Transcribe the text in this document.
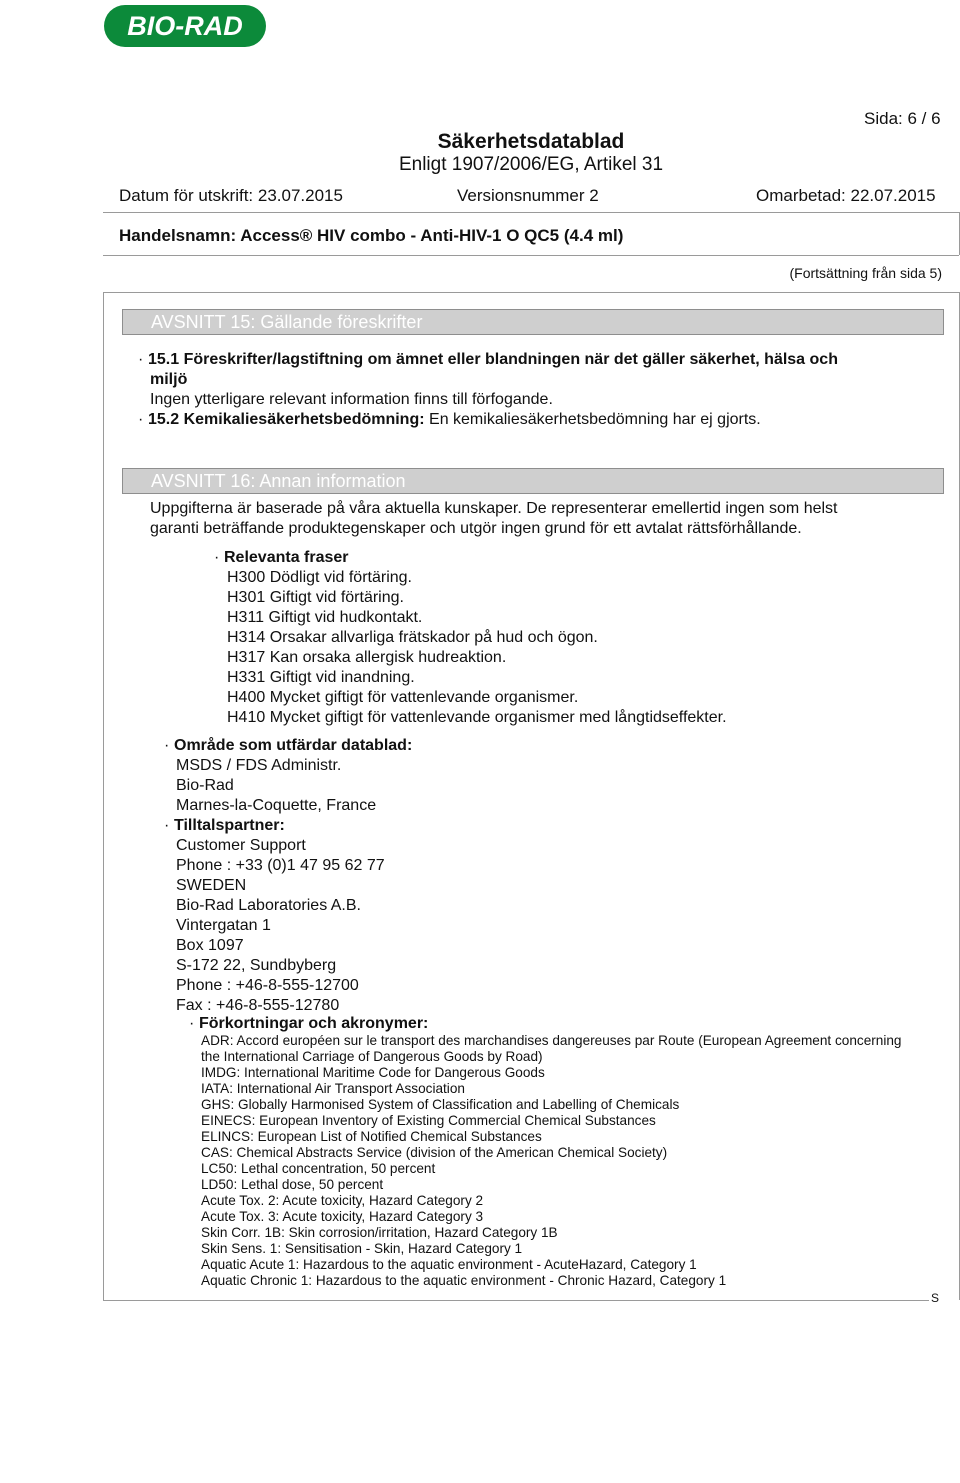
BIO-RAD
Sida: 6 / 6
Säkerhetsdatablad
Enligt 1907/2006/EG, Artikel 31
Datum för utskrift: 23.07.2015	Versionsnummer 2	Omarbetad: 22.07.2015
Handelsnamn: Access® HIV combo - Anti-HIV-1 O QC5 (4.4 ml)
(Fortsättning från sida 5)
AVSNITT 15: Gällande föreskrifter
· 15.1 Föreskrifter/lagstiftning om ämnet eller blandningen när det gäller säkerhet, hälsa och
miljö
Ingen ytterligare relevant information finns till förfogande.
· 15.2 Kemikaliesäkerhetsbedömning: En kemikaliesäkerhetsbedömning har ej gjorts.
AVSNITT 16: Annan information
Uppgifterna är baserade på våra aktuella kunskaper. De representerar emellertid ingen som helst
garanti beträffande produktegenskaper och utgör ingen grund för ett avtalat rättsförhållande.
· Relevanta fraser
H300 Dödligt vid förtäring.
H301 Giftigt vid förtäring.
H311 Giftigt vid hudkontakt.
H314 Orsakar allvarliga frätskador på hud och ögon.
H317 Kan orsaka allergisk hudreaktion.
H331 Giftigt vid inandning.
H400 Mycket giftigt för vattenlevande organismer.
H410 Mycket giftigt för vattenlevande organismer med långtidseffekter.
· Område som utfärdar datablad:
MSDS / FDS Administr.
Bio-Rad
Marnes-la-Coquette, France
· Tilltalspartner:
Customer Support
Phone : +33 (0)1 47 95 62 77
SWEDEN
Bio-Rad Laboratories A.B.
Vintergatan 1
Box 1097
S-172 22, Sundbyberg
Phone : +46-8-555-12700
Fax : +46-8-555-12780
· Förkortningar och akronymer:
ADR: Accord européen sur le transport des marchandises dangereuses par Route (European Agreement concerning
the International Carriage of Dangerous Goods by Road)
IMDG: International Maritime Code for Dangerous Goods
IATA: International Air Transport Association
GHS: Globally Harmonised System of Classification and Labelling of Chemicals
EINECS: European Inventory of Existing Commercial Chemical Substances
ELINCS: European List of Notified Chemical Substances
CAS: Chemical Abstracts Service (division of the American Chemical Society)
LC50: Lethal concentration, 50 percent
LD50: Lethal dose, 50 percent
Acute Tox. 2: Acute toxicity, Hazard Category 2
Acute Tox. 3: Acute toxicity, Hazard Category 3
Skin Corr. 1B: Skin corrosion/irritation, Hazard Category 1B
Skin Sens. 1: Sensitisation - Skin, Hazard Category 1
Aquatic Acute 1: Hazardous to the aquatic environment - AcuteHazard, Category 1
Aquatic Chronic 1: Hazardous to the aquatic environment - Chronic Hazard, Category 1
S
